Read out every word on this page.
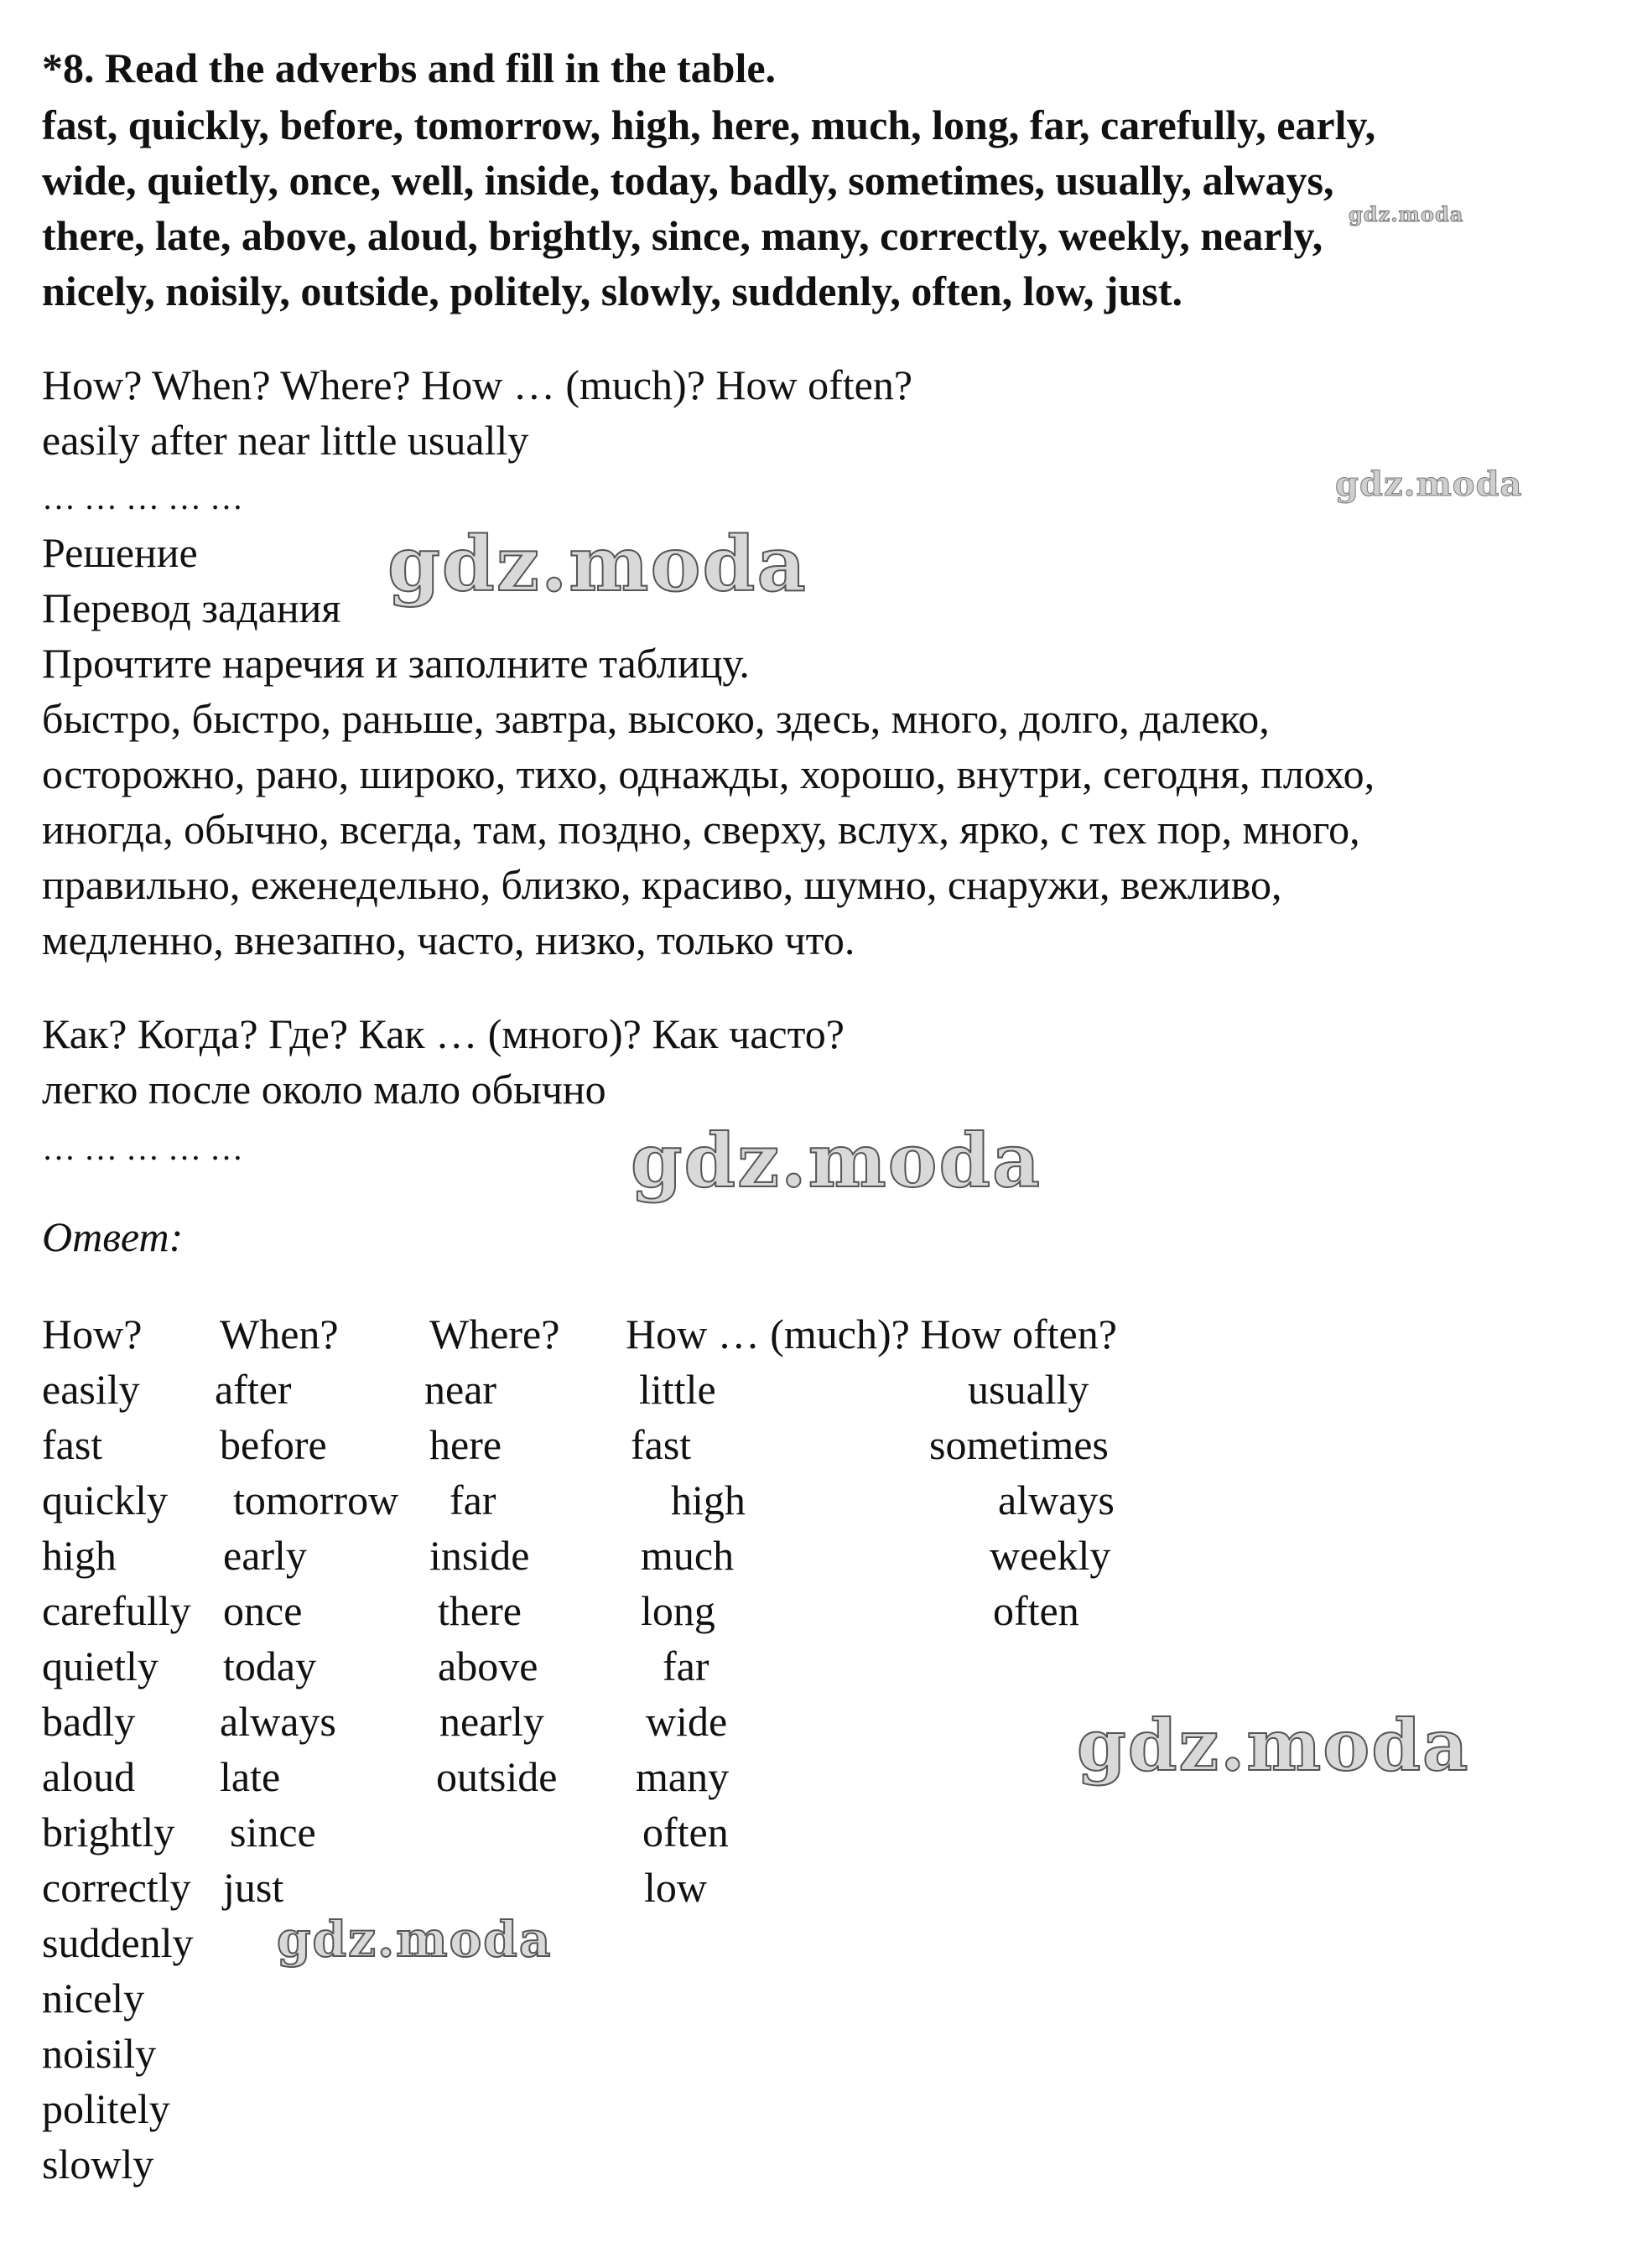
*8. Read the adverbs and fill in the table.
fast, quickly, before, tomorrow, high, here, much, long, far, carefully, early,
wide, quietly, once, well, inside, today, badly, sometimes, usually, always,
there, late, above, aloud, brightly, since, many, correctly, weekly, nearly,
nicely, noisily, outside, politely, slowly, suddenly, often, low, just.
How? When? Where? How … (much)? How often?
easily after near little usually
… … … … …
Решение
Перевод задания
Прочтите наречия и заполните таблицу.
быстро, быстро, раньше, завтра, высоко, здесь, много, долго, далеко,
осторожно, рано, широко, тихо, однажды, хорошо, внутри, сегодня, плохо,
иногда, обычно, всегда, там, поздно, сверху, вслух, ярко, с тех пор, много,
правильно, еженедельно, близко, красиво, шумно, снаружи, вежливо,
медленно, внезапно, часто, низко, только что.
Как? Когда? Где? Как … (много)? Как часто?
легко после около мало обычно
… … … … …
Ответ:
How? When? Where? How … (much)? How often?
easily
fast
quickly
high
carefully
quietly
badly
aloud
brightly
correctly
suddenly
nicely
noisily
politely
slowly
after
before
tomorrow
early
once
today
always
late
since
just
near
here
far
inside
there
above
nearly
outside
little
fast
high
much
long
far
wide
many
often
low
usually
sometimes
always
weekly
often
gdz.moda
gdz.moda
gdz.moda
gdz.moda
gdz.moda
gdz.moda
